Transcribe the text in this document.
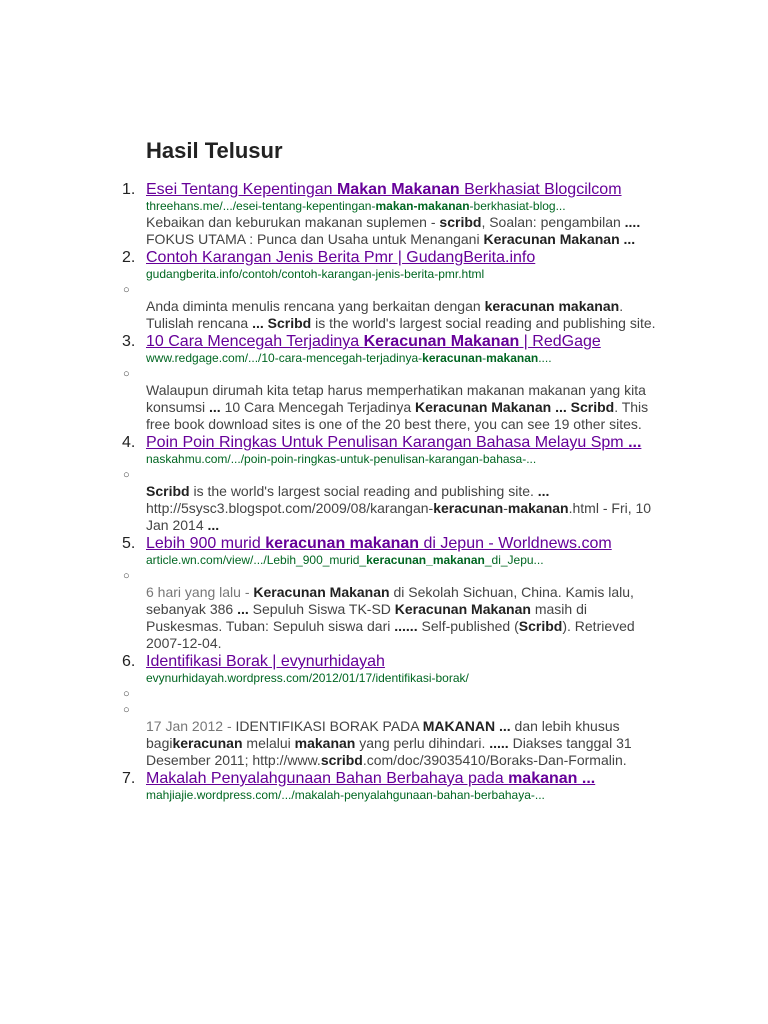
Hasil Telusur
1. Esei Tentang Kepentingan Makan Makanan Berkhasiat Blogcilcom
threehans.me/.../esei-tentang-kepentingan-makan-makanan-berkhasiat-blog...
Kebaikan dan keburukan makanan suplemen - scribd, Soalan: pengambilan .... FOKUS UTAMA : Punca dan Usaha untuk Menangani Keracunan Makanan ...
2. Contoh Karangan Jenis Berita Pmr | GudangBerita.info
gudangberita.info/contoh/contoh-karangan-jenis-berita-pmr.html
○
Anda diminta menulis rencana yang berkaitan dengan keracunan makanan. Tulislah rencana ... Scribd is the world's largest social reading and publishing site.
3. 10 Cara Mencegah Terjadinya Keracunan Makanan | RedGage
www.redgage.com/.../10-cara-mencegah-terjadinya-keracunan-makanan....
○
Walaupun dirumah kita tetap harus memperhatikan makanan makanan yang kita konsumsi ... 10 Cara Mencegah Terjadinya Keracunan Makanan ... Scribd. This free book download sites is one of the 20 best there, you can see 19 other sites.
4. Poin Poin Ringkas Untuk Penulisan Karangan Bahasa Melayu Spm ...
naskahmu.com/.../poin-poin-ringkas-untuk-penulisan-karangan-bahasa-...
○
Scribd is the world's largest social reading and publishing site. ... http://5sysc3.blogspot.com/2009/08/karangan-keracunan-makanan.html - Fri, 10 Jan 2014 ...
5. Lebih 900 murid keracunan makanan di Jepun - Worldnews.com
article.wn.com/view/.../Lebih_900_murid_keracunan_makanan_di_Jepu...
○
6 hari yang lalu - Keracunan Makanan di Sekolah Sichuan, China. Kamis lalu, sebanyak 386 ... Sepuluh Siswa TK-SD Keracunan Makanan masih di Puskesmas. Tuban: Sepuluh siswa dari ...... Self-published (Scribd). Retrieved 2007-12-04.
6. Identifikasi Borak | evynurhidayah
evynurhidayah.wordpress.com/2012/01/17/identifikasi-borak/
○
○
17 Jan 2012 - IDENTIFIKASI BORAK PADA MAKANAN ... dan lebih khusus bagikeracunan melalui makanan yang perlu dihindari. ..... Diakses tanggal 31 Desember 2011; http://www.scribd.com/doc/39035410/Boraks-Dan-Formalin.
7. Makalah Penyalahgunaan Bahan Berbahaya pada makanan ...
mahjiajie.wordpress.com/.../makalah-penyalahgunaan-bahan-berbahaya-...
